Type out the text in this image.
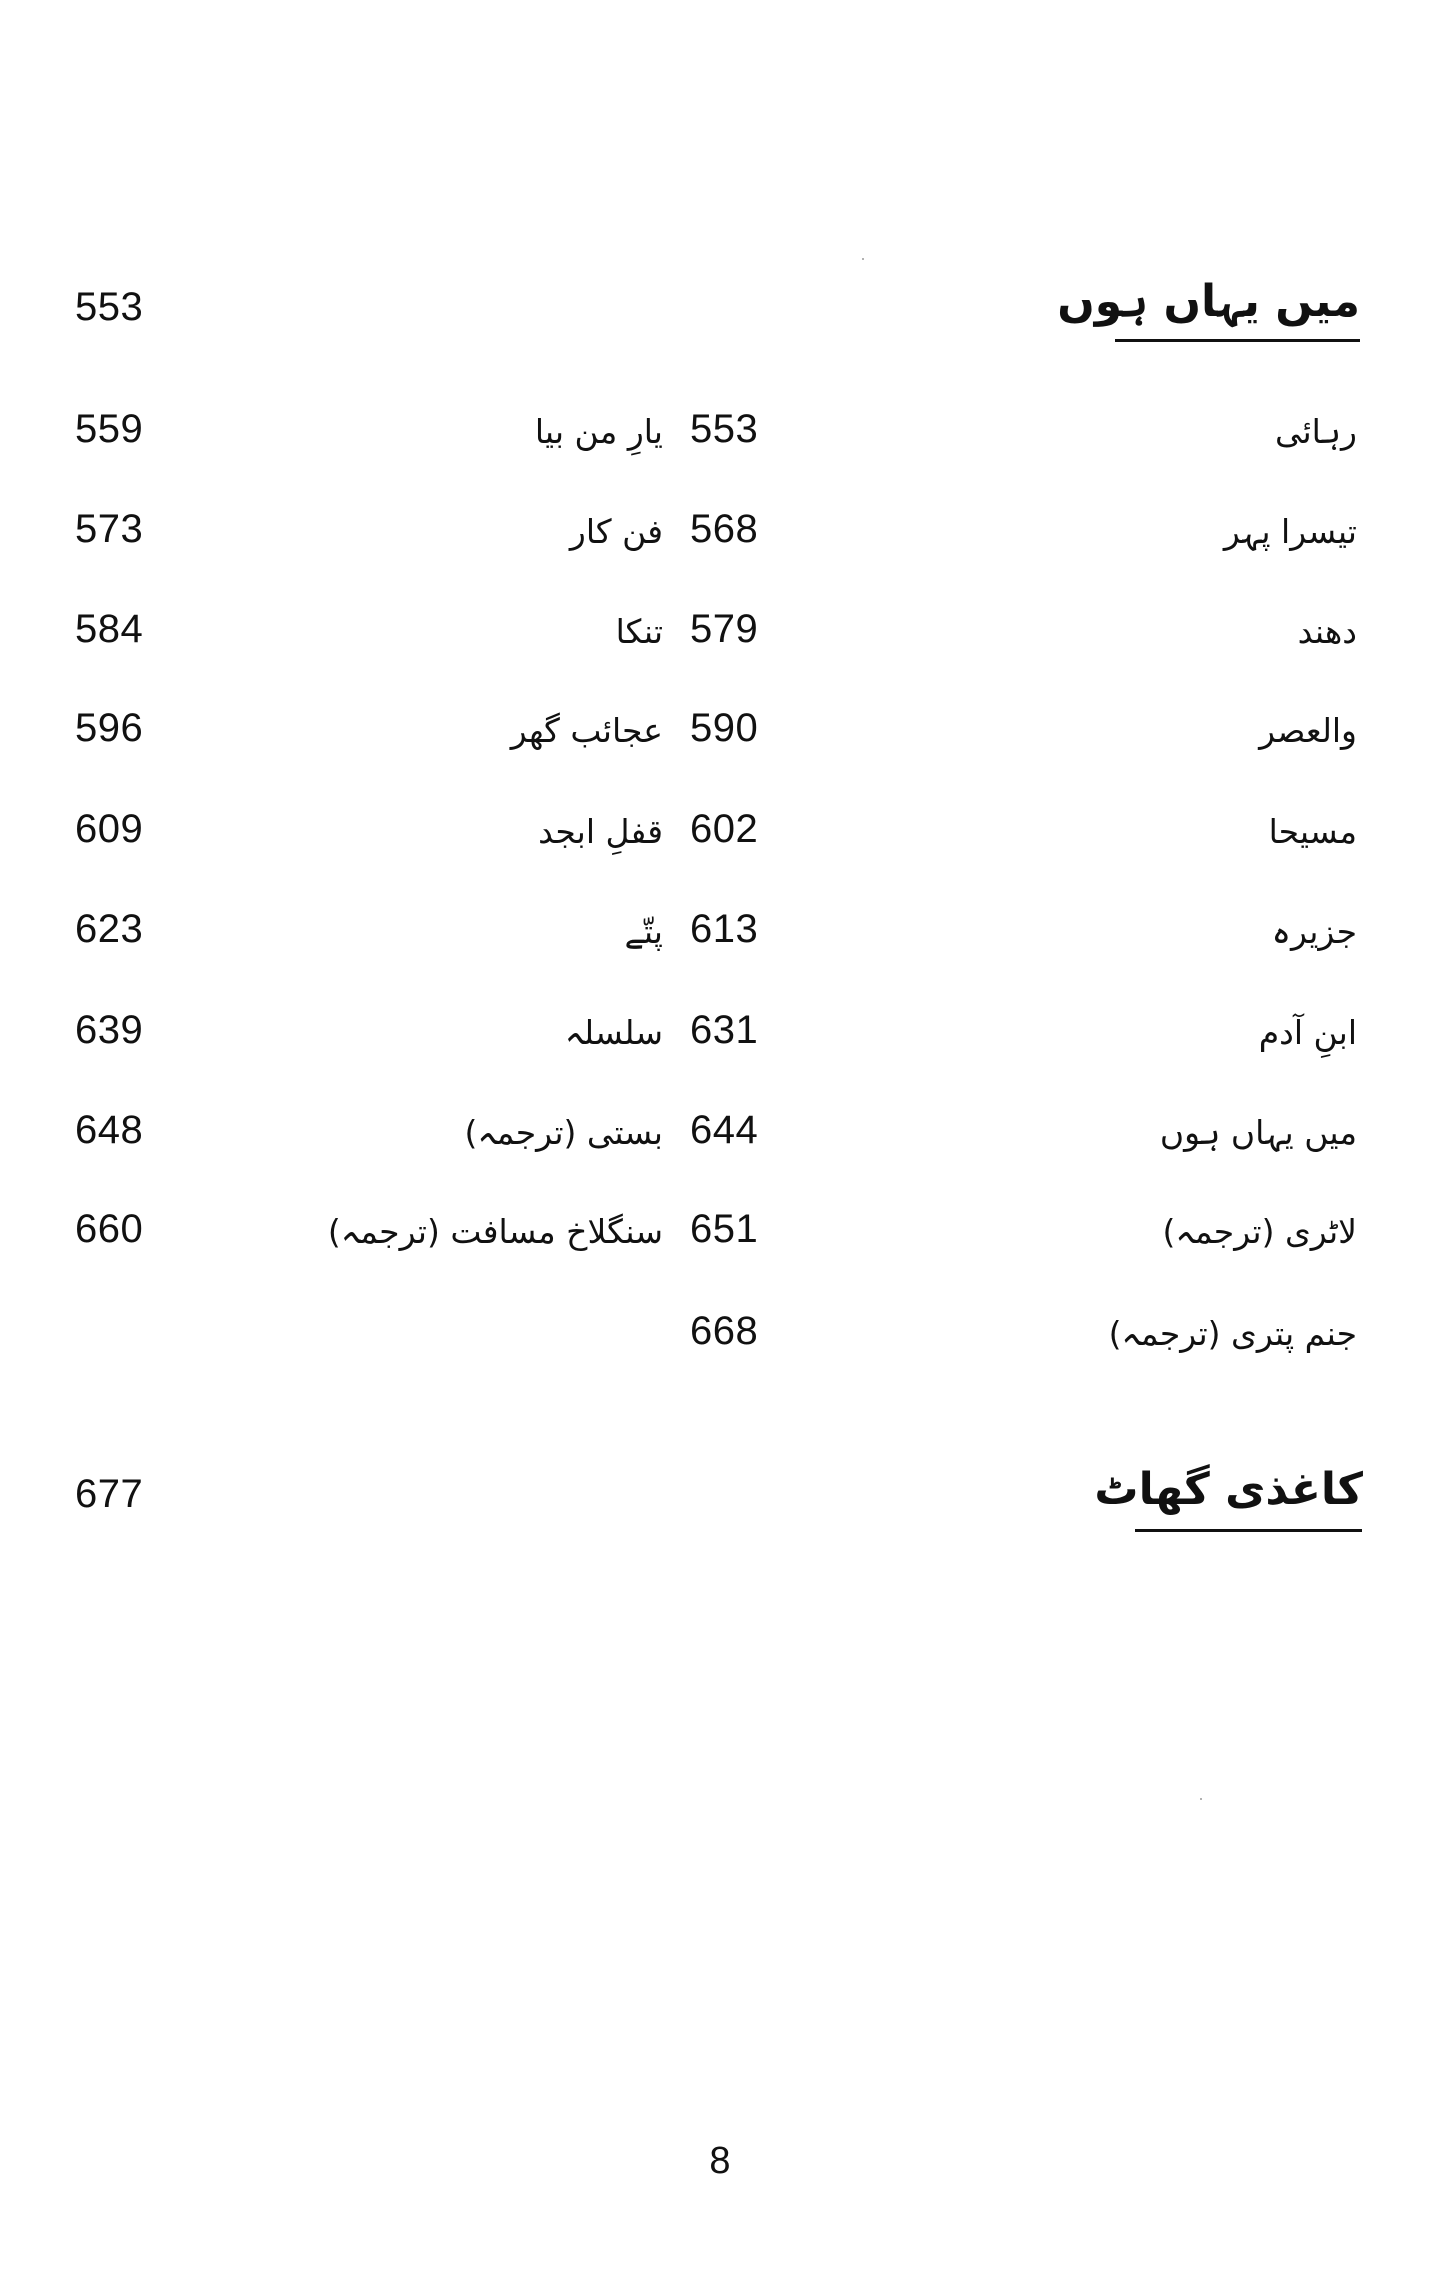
میں یہاں ہوں
553
رہائی
تیسرا پہر
دھند
والعصر
مسیحا
جزیرہ
ابنِ آدم
میں یہاں ہوں
لاٹری (ترجمہ)
جنم پتری (ترجمہ)
553
568
579
590
602
613
631
644
651
668
یارِ من بیا
فن کار
تنکا
عجائب گھر
قفلِ ابجد
پتّے
سلسلہ
بستی (ترجمہ)
سنگلاخ مسافت (ترجمہ)
559
573
584
596
609
623
639
648
660
کاغذی گھاٹ
677
8
